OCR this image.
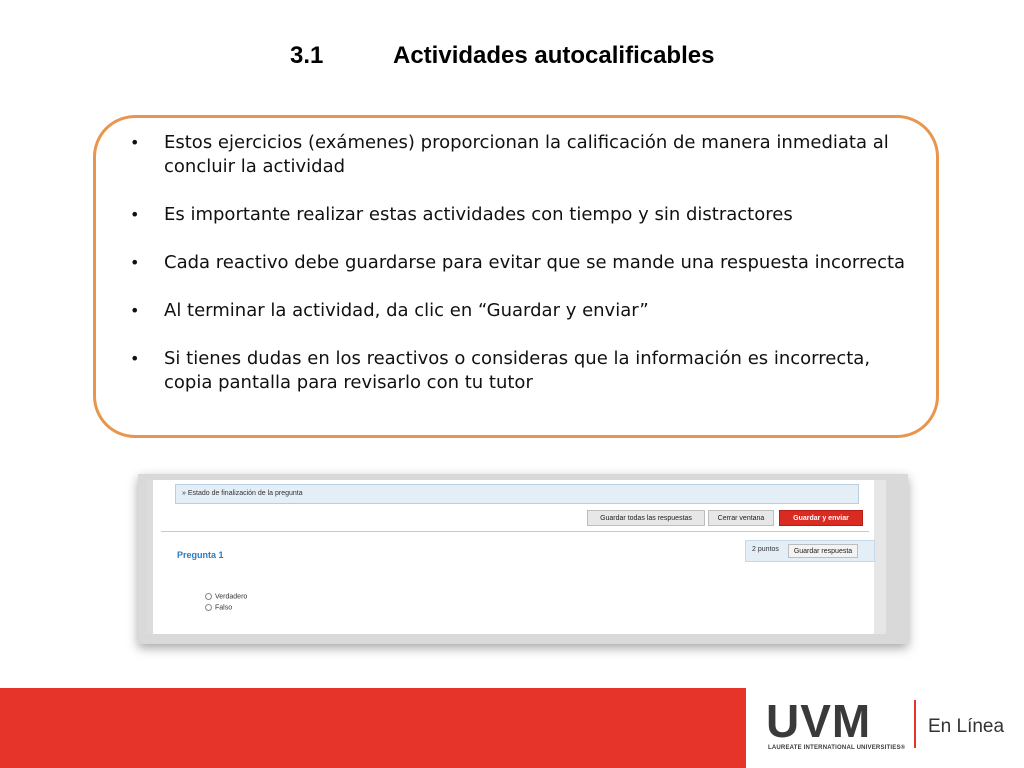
3.1	Actividades autocalificables
• Estos ejercicios (exámenes) proporcionan la calificación de manera inmediata al concluir la actividad
• Es importante realizar estas actividades con tiempo y sin distractores
• Cada reactivo debe guardarse para evitar que se mande una respuesta incorrecta
• Al terminar la actividad, da clic en “Guardar y enviar”
• Si tienes dudas en los reactivos o consideras que la información es incorrecta, copia pantalla para revisarlo con tu tutor
» Estado de finalización de la pregunta
Guardar todas las respuestas	Cerrar ventana	Guardar y enviar
Pregunta 1
2 puntos	Guardar respuesta
Verdadero
Falso
UVM
LAUREATE INTERNATIONAL UNIVERSITIES®
En Línea
